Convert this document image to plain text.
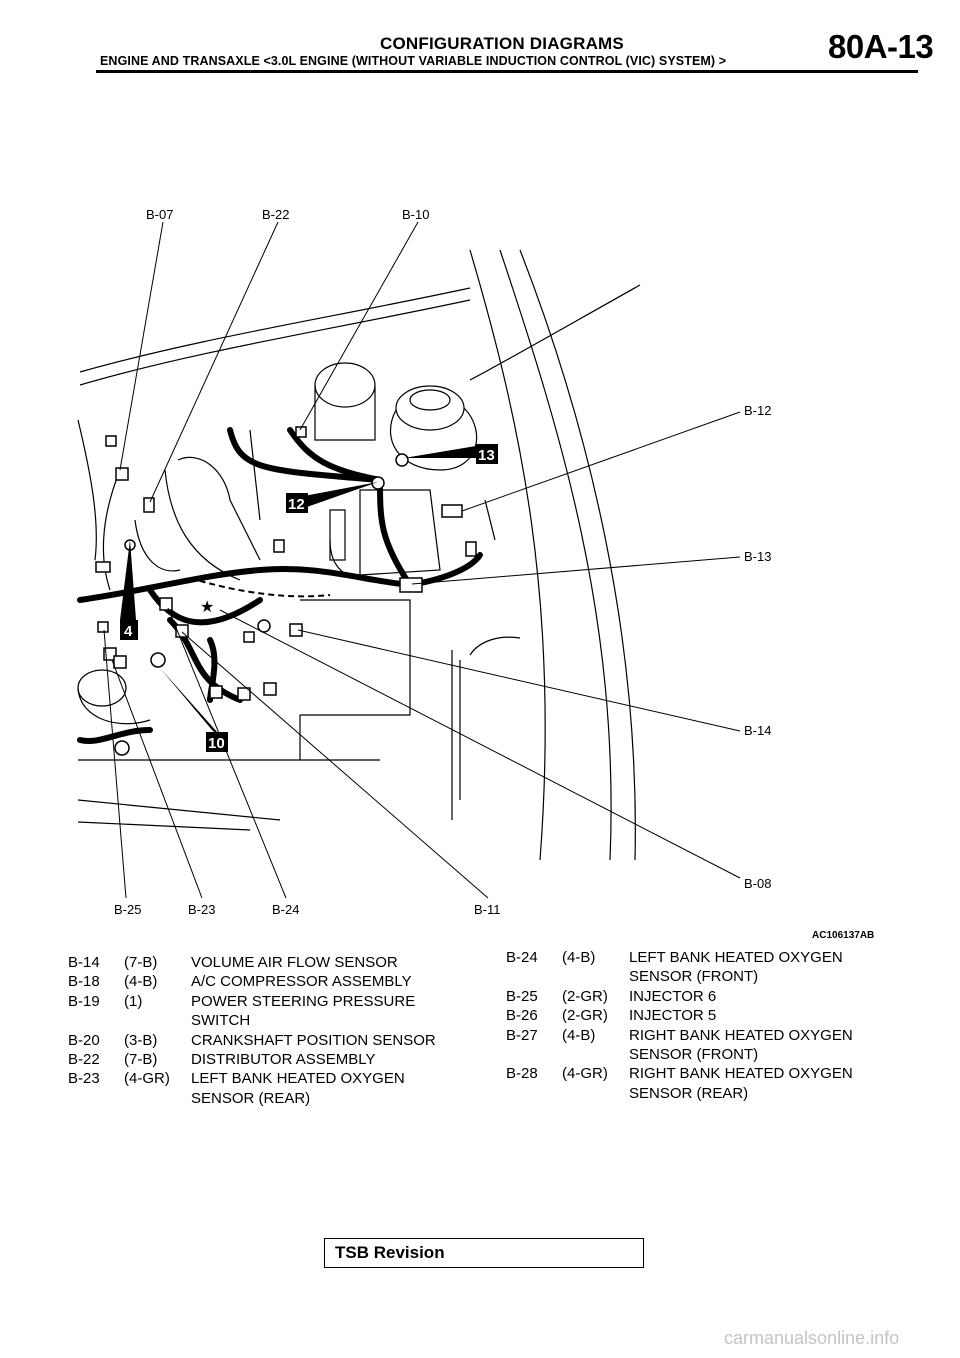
CONFIGURATION DIAGRAMS	80A-13
ENGINE AND TRANSAXLE <3.0L ENGINE (WITHOUT VARIABLE INDUCTION CONTROL (VIC) SYSTEM) >
★
4
10
12
13
B-07	B-22	B-10
B-12
B-13
B-14
B-08
B-25	B-23	B-24	B-11
AC106137AB
B-14	(7-B)	VOLUME AIR FLOW SENSOR
B-18	(4-B)	A/C COMPRESSOR ASSEMBLY
B-19	(1)	POWER STEERING PRESSURE
SWITCH
B-20	(3-B)	CRANKSHAFT POSITION SENSOR
B-22	(7-B)	DISTRIBUTOR ASSEMBLY
B-23	(4-GR)	LEFT BANK HEATED OXYGEN
SENSOR (REAR)
B-24	(4-B)	LEFT BANK HEATED OXYGEN
SENSOR (FRONT)
B-25	(2-GR)	INJECTOR 6
B-26	(2-GR)	INJECTOR 5
B-27	(4-B)	RIGHT BANK HEATED OXYGEN
SENSOR (FRONT)
B-28	(4-GR)	RIGHT BANK HEATED OXYGEN
SENSOR (REAR)
TSB Revision
carmanualsonline.info
